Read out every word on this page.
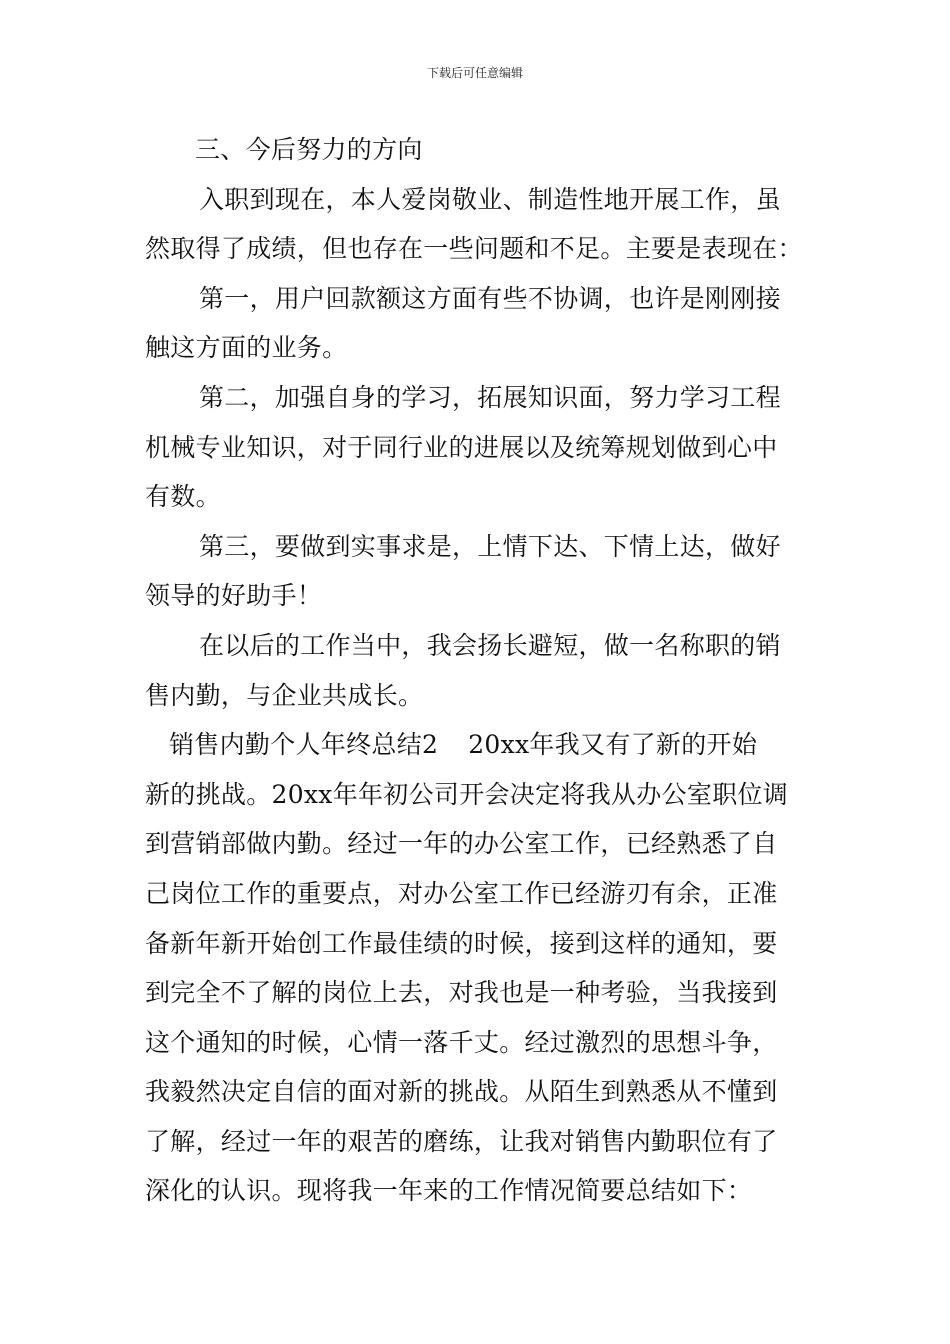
下载后可任意编辑
三、今后努力的方向
入职到现在，本人爱岗敬业、制造性地开展工作，虽
然取得了成绩，但也存在一些问题和不足。主要是表现在：
第一，用户回款额这方面有些不协调，也许是刚刚接
触这方面的业务。
第二，加强自身的学习，拓展知识面，努力学习工程
机械专业知识，对于同行业的进展以及统筹规划做到心中
有数。
第三，要做到实事求是，上情下达、下情上达，做好
领导的好助手！
在以后的工作当中，我会扬长避短，做一名称职的销
售内勤，与企业共成长。
销售内勤个人年终总结2 20xx年我又有了新的开始
新的挑战。20xx年年初公司开会决定将我从办公室职位调
到营销部做内勤。经过一年的办公室工作，已经熟悉了自
己岗位工作的重要点，对办公室工作已经游刃有余，正准
备新年新开始创工作最佳绩的时候，接到这样的通知，要
到完全不了解的岗位上去，对我也是一种考验，当我接到
这个通知的时候，心情一落千丈。经过激烈的思想斗争，
我毅然决定自信的面对新的挑战。从陌生到熟悉从不懂到
了解，经过一年的艰苦的磨练，让我对销售内勤职位有了
深化的认识。现将我一年来的工作情况简要总结如下：
